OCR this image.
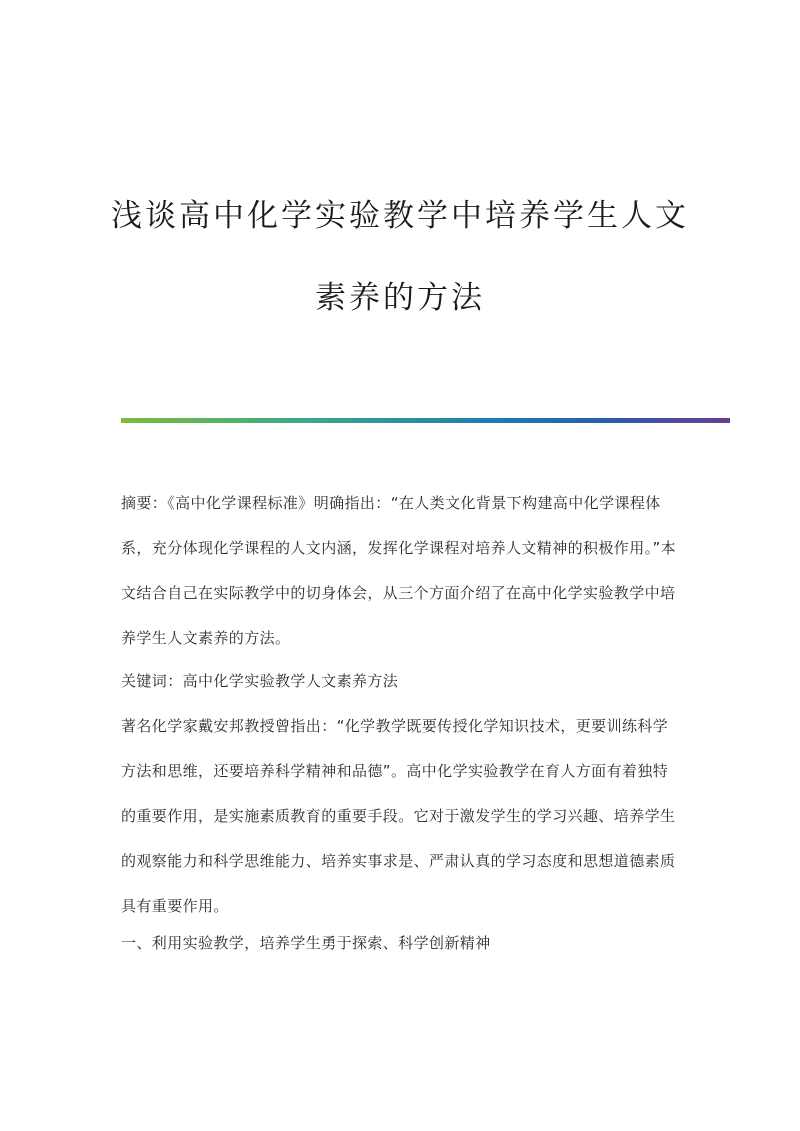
浅谈高中化学实验教学中培养学生人文
素养的方法
摘要：《高中化学课程标准》明确指出：“在人类文化背景下构建高中化学课程体系，充分体现化学课程的人文内涵，发挥化学课程对培养人文精神的积极作用。”本文结合自己在实际教学中的切身体会，从三个方面介绍了在高中化学实验教学中培养学生人文素养的方法。
关键词：高中化学实验教学人文素养方法
著名化学家戴安邦教授曾指出：“化学教学既要传授化学知识技术，更要训练科学方法和思维，还要培养科学精神和品德”。高中化学实验教学在育人方面有着独特的重要作用，是实施素质教育的重要手段。它对于激发学生的学习兴趣、培养学生的观察能力和科学思维能力、培养实事求是、严肃认真的学习态度和思想道德素质具有重要作用。
一、利用实验教学，培养学生勇于探索、科学创新精神
